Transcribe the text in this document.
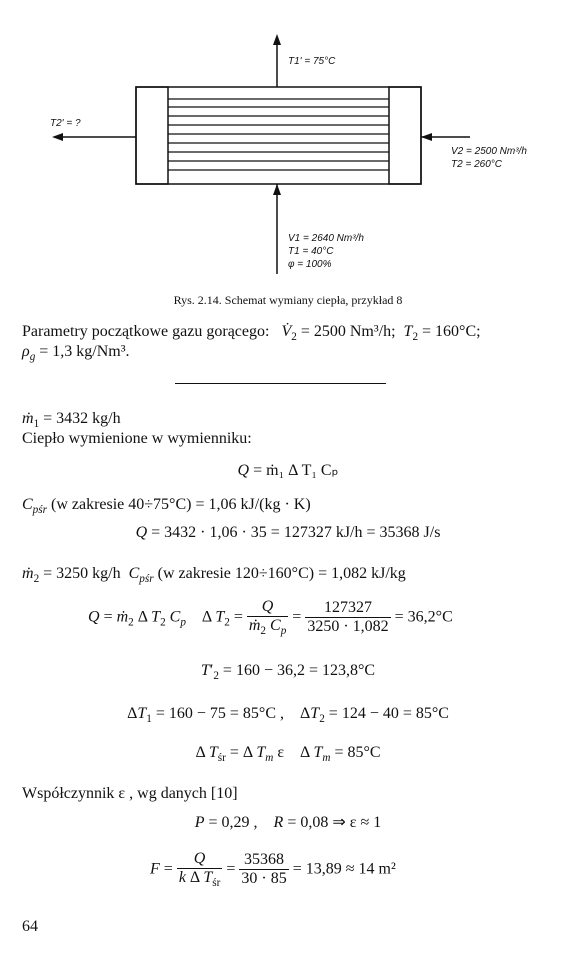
T1' = 75°C
T2' = ?
V2 = 2500 Nm³/h
T2 = 260°C
V1 = 2640 Nm³/h
T1 = 40°C
φ = 100%
Rys. 2.14. Schemat wymiany ciepła, przykład 8
Parametry początkowe gazu gorącego: $V̇_2 = 2500$ Nm³/h; $T_2 = 160^\circ C$;
$\rho_g = 1,3$ kg/Nm³.
ṁ$_1$ = 3432 kg/h
Ciepło wymienione w wymienniku:
Q = ṁ₁ Δ T₁ Cₚ
$C_{pśr}$ (w zakresie 40÷75°C) = 1,06 kJ/(kg · K)
Q = 3432 · 1,06 · 35 = 127327 kJ/h = 35368 J/s
ṁ$_2$ = 3250 kg/h $C_{pśr}$ (w zakresie 120÷160°C) = 1,082 kJ/kg
Q = ṁ$_2$ Δ $T_2$ $C_p$    Δ $T_2 = \frac{Q}{ṁ_2 C_p} = \frac{127327}{3250 \cdot 1,082} = 36,2^\circ C$
$T'_2 = 160 - 36,2 = 123,8^\circ C$
$\Delta T_1 = 160 - 75 = 85^\circ C$ ,    $\Delta T_2 = 124 - 40 = 85^\circ C$
Δ $T_{śr} = \Delta$ $T_m$ ε    Δ $T_m = 85^\circ C$
Współczynnik ε , wg danych [10]
P = 0,29 , R = 0,08 ⇒ ε ≈ 1
$F = \frac{Q}{k \Delta T_{śr}} = \frac{35368}{30 \cdot 85} = 13,89 \approx 14$ m²
64
